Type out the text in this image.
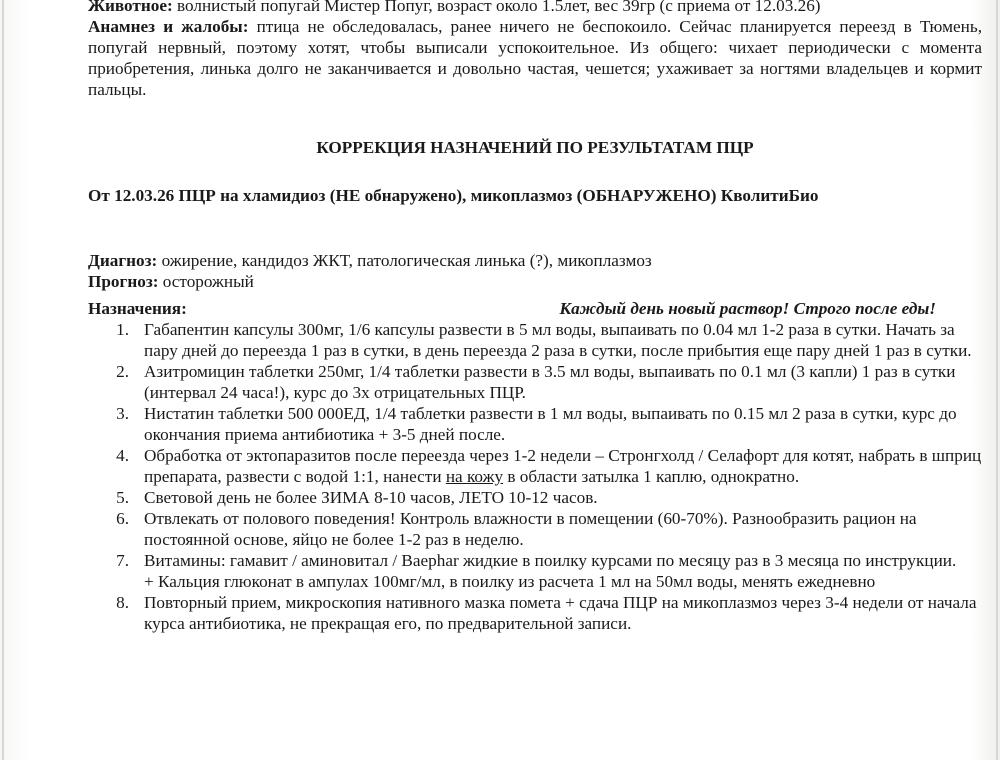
Животное: волнистый попугай Мистер Попуг, возраст около 1.5лет, вес 39гр (с приема от 12.03.26)

Анамнез и жалобы: птица не обследовалась, ранее ничего не беспокоило. Сейчас планируется переезд в Тюмень, попугай нервный, поэтому хотят, чтобы выписали успокоительное. Из общего: чихает периодически с момента приобретения, линька долго не заканчивается и довольно частая, чешется; ухаживает за ногтями владельцев и кормит пальцы.

КОРРЕКЦИЯ НАЗНАЧЕНИЙ ПО РЕЗУЛЬТАТАМ ПЦР
От 12.03.26 ПЦР на хламидиоз (НЕ обнаружено), микоплазмоз (ОБНАРУЖЕНО) КволитиБио
Диагноз: ожирение, кандидоз ЖКТ, патологическая линька (?), микоплазмоз
Прогноз: осторожный
Назначения:	Каждый день новый раствор! Строго после еды!
1. Габапентин капсулы 300мг, 1/6 капсулы развести в 5 мл воды, выпаивать по 0.04 мл 1-2 раза в сутки. Начать за пару дней до переезда 1 раз в сутки, в день переезда 2 раза в сутки, после прибытия еще пару дней 1 раз в сутки.
2. Азитромицин таблетки 250мг, 1/4 таблетки развести в 3.5 мл воды, выпаивать по 0.1 мл (3 капли) 1 раз в сутки (интервал 24 часа!), курс до 3х отрицательных ПЦР.
3. Нистатин таблетки 500 000ЕД, 1/4 таблетки развести в 1 мл воды, выпаивать по 0.15 мл 2 раза в сутки, курс до окончания приема антибиотика + 3-5 дней после.
4. Обработка от эктопаразитов после переезда через 1-2 недели – Стронгхолд / Селафорт для котят, набрать в шприц препарата, развести с водой 1:1, нанести на кожу в области затылка 1 каплю, однократно.
5. Световой день не более ЗИМА 8-10 часов, ЛЕТО 10-12 часов.
6. Отвлекать от полового поведения! Контроль влажности в помещении (60-70%). Разнообразить рацион на постоянной основе, яйцо не более 1-2 раз в неделю.
7. Витамины: гамавит / аминовитал / Baephar жидкие в поилку курсами по месяцу раз в 3 месяца по инструкции.
+ Кальция глюконат в ампулах 100мг/мл, в поилку из расчета 1 мл на 50мл воды, менять ежедневно
8. Повторный прием, микроскопия нативного мазка помета + сдача ПЦР на микоплазмоз через 3-4 недели от начала курса антибиотика, не прекращая его, по предварительной записи.
